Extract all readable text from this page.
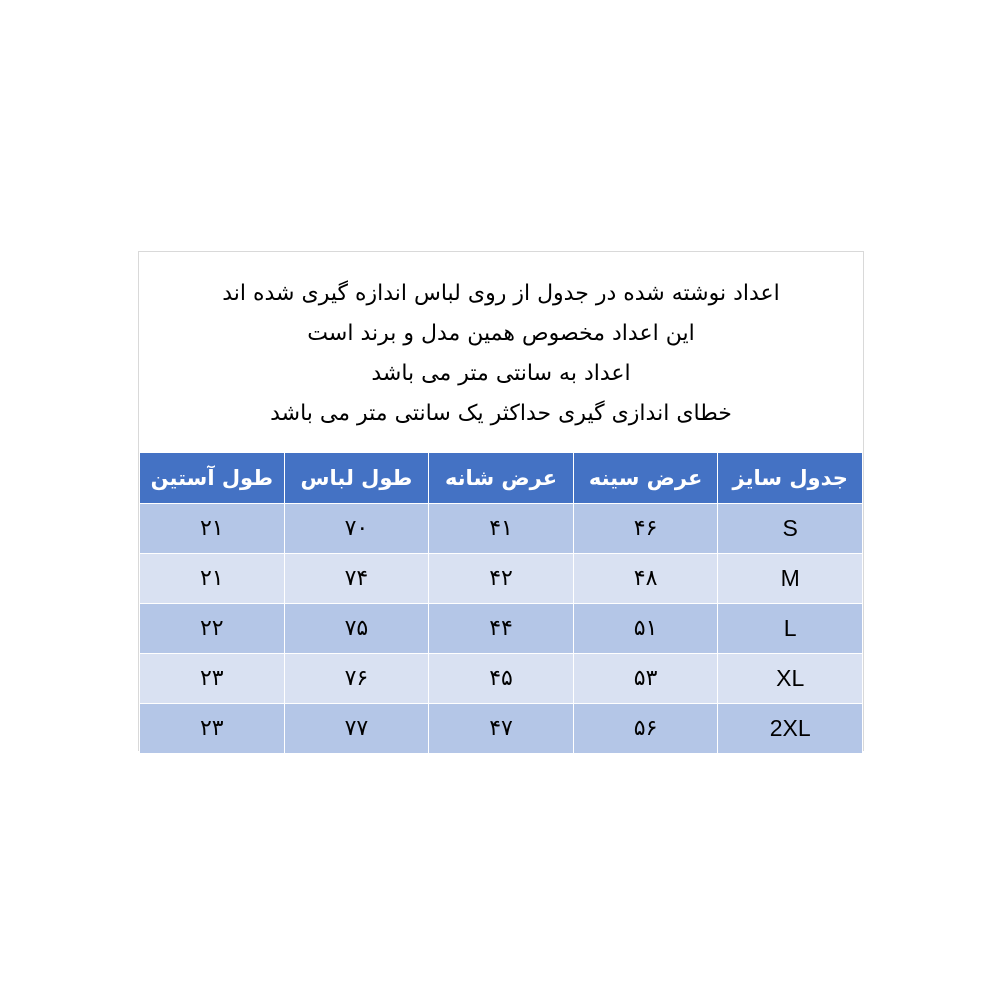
اعداد نوشته شده در جدول از روی لباس اندازه گیری شده اند
این اعداد مخصوص همین مدل و برند است
اعداد به سانتی متر می باشد
خطای اندازی گیری حداکثر یک سانتی متر می باشد
جدول سایز	عرض سینه	عرض شانه	طول لباس	طول آستین
S	۴۶	۴۱	۷۰	۲۱
M	۴۸	۴۲	۷۴	۲۱
L	۵۱	۴۴	۷۵	۲۲
XL	۵۳	۴۵	۷۶	۲۳
2XL	۵۶	۴۷	۷۷	۲۳
